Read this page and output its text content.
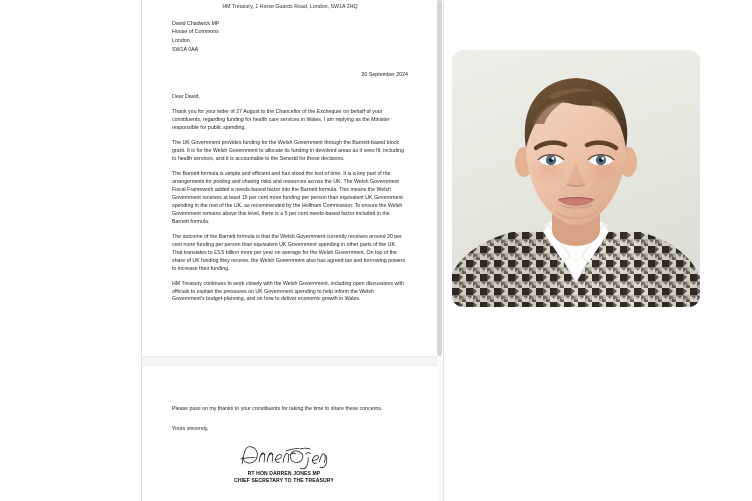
HM Treasury, 1 Horse Guards Road, London, SW1A 2HQ
David Chadwick MP
House of Commons
London
SW1A 0AA
20 September 2024
Dear David,

Thank you for your letter of 27 August to the Chancellor of the Exchequer on behalf of your constituents, regarding funding for health care services in Wales. I am replying as the Minister responsible for public spending.

The UK Government provides funding for the Welsh Government through the Barnett-based block grant. It is for the Welsh Government to allocate its funding in devolved areas as it sees fit, including to health services, and it is accountable to the Senedd for these decisions.

The Barnett formula is simple and efficient and has stood the test of time. It is a key part of the arrangements for pooling and sharing risks and resources across the UK. The Welsh Government Fiscal Framework added a needs-based factor into the Barnett formula. This means the Welsh Government receives at least 15 per cent more funding per person than equivalent UK Government spending in the rest of the UK, as recommended by the Holtham Commission. To ensure the Welsh Government remains above this level, there is a 5 per cent needs-based factor included in the Barnett formula.

The outcome of the Barnett formula is that the Welsh Government currently receives around 20 per cent more funding per person than equivalent UK Government spending in other parts of the UK. That translates to £3.5 billion more per year on average for the Welsh Government. On top of the share of UK funding they receive, the Welsh Government also has agreed tax and borrowing powers to increase their funding.

HM Treasury continues to work closely with the Welsh Government, including open discussions with officials to explain the pressures on UK Government spending to help inform the Welsh Government's budget-planning, and on how to deliver economic growth in Wales.

Please pass on my thanks to your constituents for taking the time to share these concerns.

Yours sincerely,
RT HON DARREN JONES MP
CHIEF SECRETARY TO THE TREASURY
